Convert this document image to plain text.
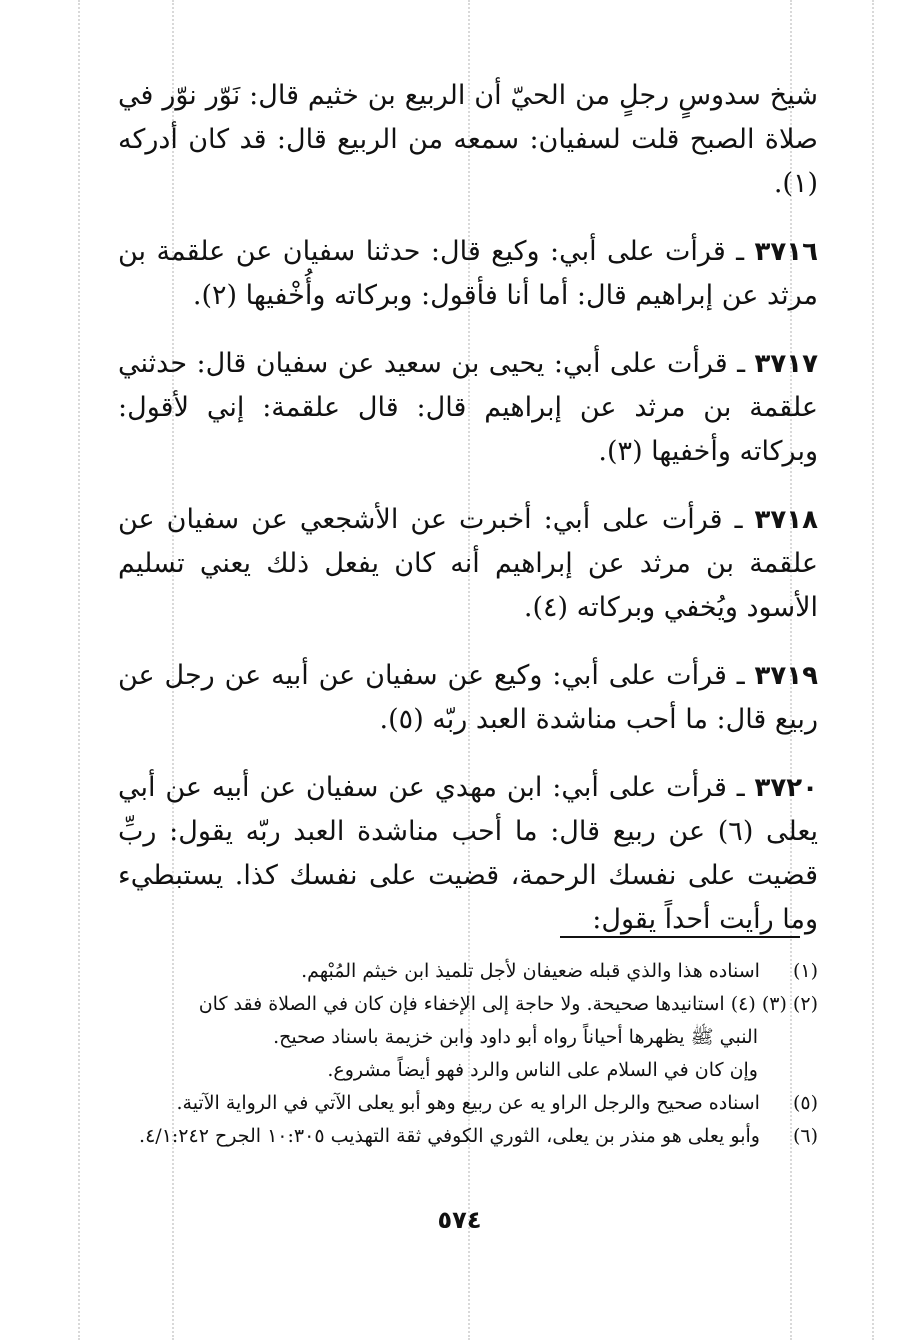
شيخ سدوسٍ رجلٍ من الحيّ أن الربيع بن خثيم قال: نَوّر نوّر في صلاة الصبح قلت لسفيان: سمعه من الربيع قال: قد كان أدركه (١).

٣٧١٦ ـ قرأت على أبي: وكيع قال: حدثنا سفيان عن علقمة بن مرثد عن إبراهيم قال: أما أنا فأقول: وبركاته وأُخْفيها (٢).

٣٧١٧ ـ قرأت على أبي: يحيى بن سعيد عن سفيان قال: حدثني علقمة بن مرثد عن إبراهيم قال: قال علقمة: إني لأقول: وبركاته وأخفيها (٣).

٣٧١٨ ـ قرأت على أبي: أخبرت عن الأشجعي عن سفيان عن علقمة بن مرثد عن إبراهيم أنه كان يفعل ذلك يعني تسليم الأسود ويُخفي وبركاته (٤).

٣٧١٩ ـ قرأت على أبي: وكيع عن سفيان عن أبيه عن رجل عن ربيع قال: ما أحب مناشدة العبد ربّه (٥).

٣٧٢٠ ـ قرأت على أبي: ابن مهدي عن سفيان عن أبيه عن أبي يعلى (٦) عن ربيع قال: ما أحب مناشدة العبد ربّه يقول: ربِّ قضيت على نفسك الرحمة، قضيت على نفسك كذا. يستبطيء وما رأيت أحداً يقول:

(١) اسناده هذا والذي قبله ضعيفان لأجل تلميذ ابن خيثم المُبْهم.

(٢) (٣) (٤) استانيدها صحيحة. ولا حاجة إلى الإخفاء فإن كان في الصلاة فقد كان

النبي ﷺ يظهرها أحياناً رواه أبو داود وابن خزيمة باسناد صحيح.

وإن كان في السلام على الناس والرد فهو أيضاً مشروع.

(٥) اسناده صحيح والرجل الراو يه عن ربيع وهو أبو يعلى الآتي في الرواية الآتية.

(٦) وأبو يعلى هو منذر بن يعلى، الثوري الكوفي ثقة التهذيب ١٠:٣٠٥ الجرح ٤/١:٢٤٢.

٥٧٤
